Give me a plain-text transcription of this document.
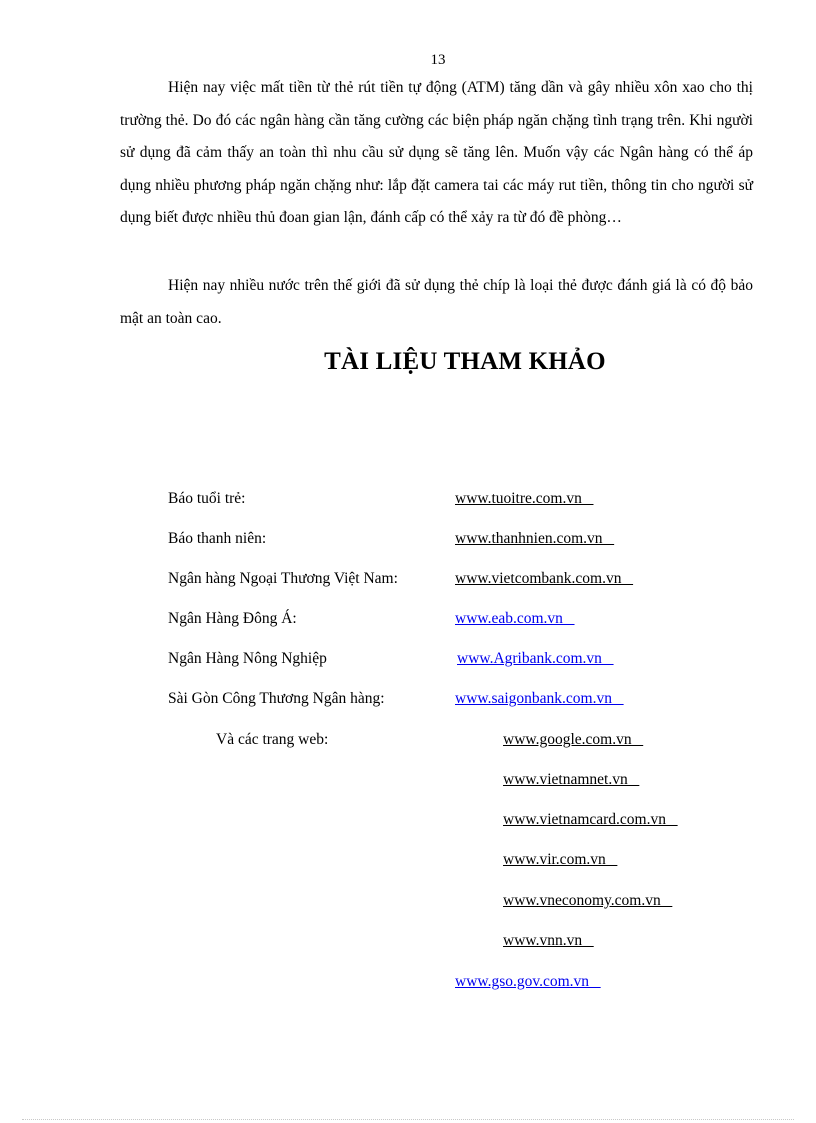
13

Hiện nay việc mất tiền từ thẻ rút tiền tự động (ATM) tăng dần và gây nhiều xôn xao cho thị trường thẻ. Do đó các ngân hàng cần tăng cường các biện pháp ngăn chặng tình trạng trên. Khi người sử dụng đã cảm thấy an toàn thì nhu cầu sử dụng sẽ tăng lên. Muốn vậy các Ngân hàng có thể áp dụng nhiều phương pháp ngăn chặng như: lắp đặt camera tai các máy rut tiền, thông tin cho người sử dụng biết được nhiều thủ đoan gian lận, đánh cấp có thể xảy ra từ đó đề phòng…

Hiện nay nhiều nước trên thế giới đã sử dụng thẻ chíp là loại thẻ được đánh giá là có độ bảo mật an toàn cao.

TÀI LIỆU THAM KHẢO
Báo tuổi trẻ:	www.tuoitre.com.vn
Báo thanh niên:	www.thanhnien.com.vn
Ngân hàng Ngoại Thương Việt Nam:	www.vietcombank.com.vn
Ngân Hàng Đông Á:	www.eab.com.vn
Ngân Hàng Nông Nghiệp	www.Agribank.com.vn
Sài Gòn Công Thương Ngân hàng:	www.saigonbank.com.vn
Và các trang web:	www.google.com.vn
www.vietnamnet.vn
www.vietnamcard.com.vn
www.vir.com.vn
www.vneconomy.com.vn
www.vnn.vn
www.gso.gov.com.vn
